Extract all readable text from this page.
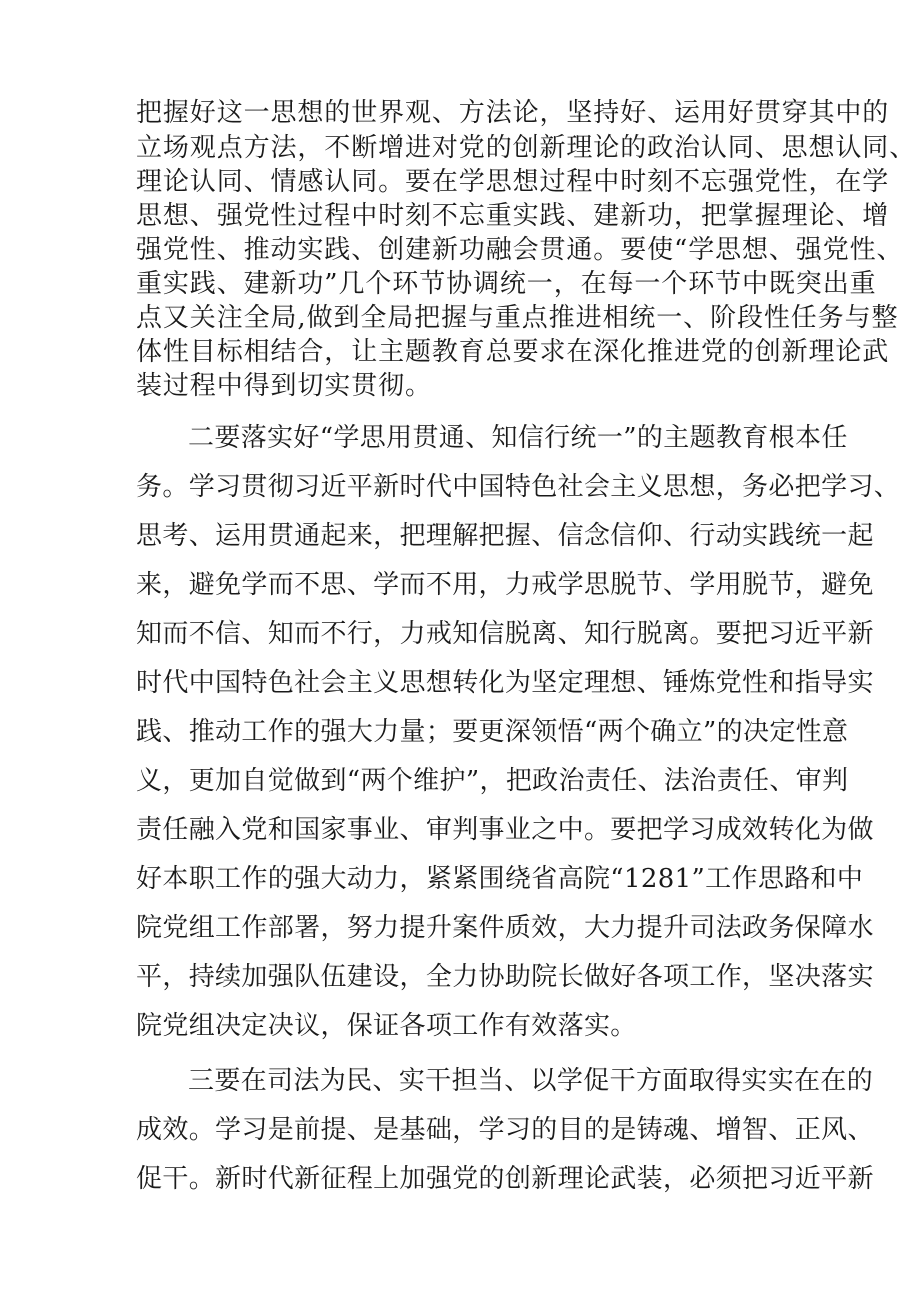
把握好这一思想的世界观、方法论，坚持好、运用好贯穿其中的
立场观点方法，不断增进对党的创新理论的政治认同、思想认同、
理论认同、情感认同。要在学思想过程中时刻不忘强党性，在学
思想、强党性过程中时刻不忘重实践、建新功，把掌握理论、增
强党性、推动实践、创建新功融会贯通。要使“学思想、强党性、
重实践、建新功”几个环节协调统一，在每一个环节中既突出重
点又关注全局,做到全局把握与重点推进相统一、阶段性任务与整
体性目标相结合，让主题教育总要求在深化推进党的创新理论武
装过程中得到切实贯彻。
二要落实好“学思用贯通、知信行统一”的主题教育根本任
务。学习贯彻习近平新时代中国特色社会主义思想，务必把学习、
思考、运用贯通起来，把理解把握、信念信仰、行动实践统一起
来，避免学而不思、学而不用，力戒学思脱节、学用脱节，避免
知而不信、知而不行，力戒知信脱离、知行脱离。要把习近平新
时代中国特色社会主义思想转化为坚定理想、锤炼党性和指导实
践、推动工作的强大力量；要更深领悟“两个确立”的决定性意
义，更加自觉做到“两个维护”，把政治责任、法治责任、审判
责任融入党和国家事业、审判事业之中。要把学习成效转化为做
好本职工作的强大动力，紧紧围绕省高院“1281”工作思路和中
院党组工作部署，努力提升案件质效，大力提升司法政务保障水
平，持续加强队伍建设，全力协助院长做好各项工作，坚决落实
院党组决定决议，保证各项工作有效落实。
三要在司法为民、实干担当、以学促干方面取得实实在在的
成效。学习是前提、是基础，学习的目的是铸魂、增智、正风、
促干。新时代新征程上加强党的创新理论武装，必须把习近平新
